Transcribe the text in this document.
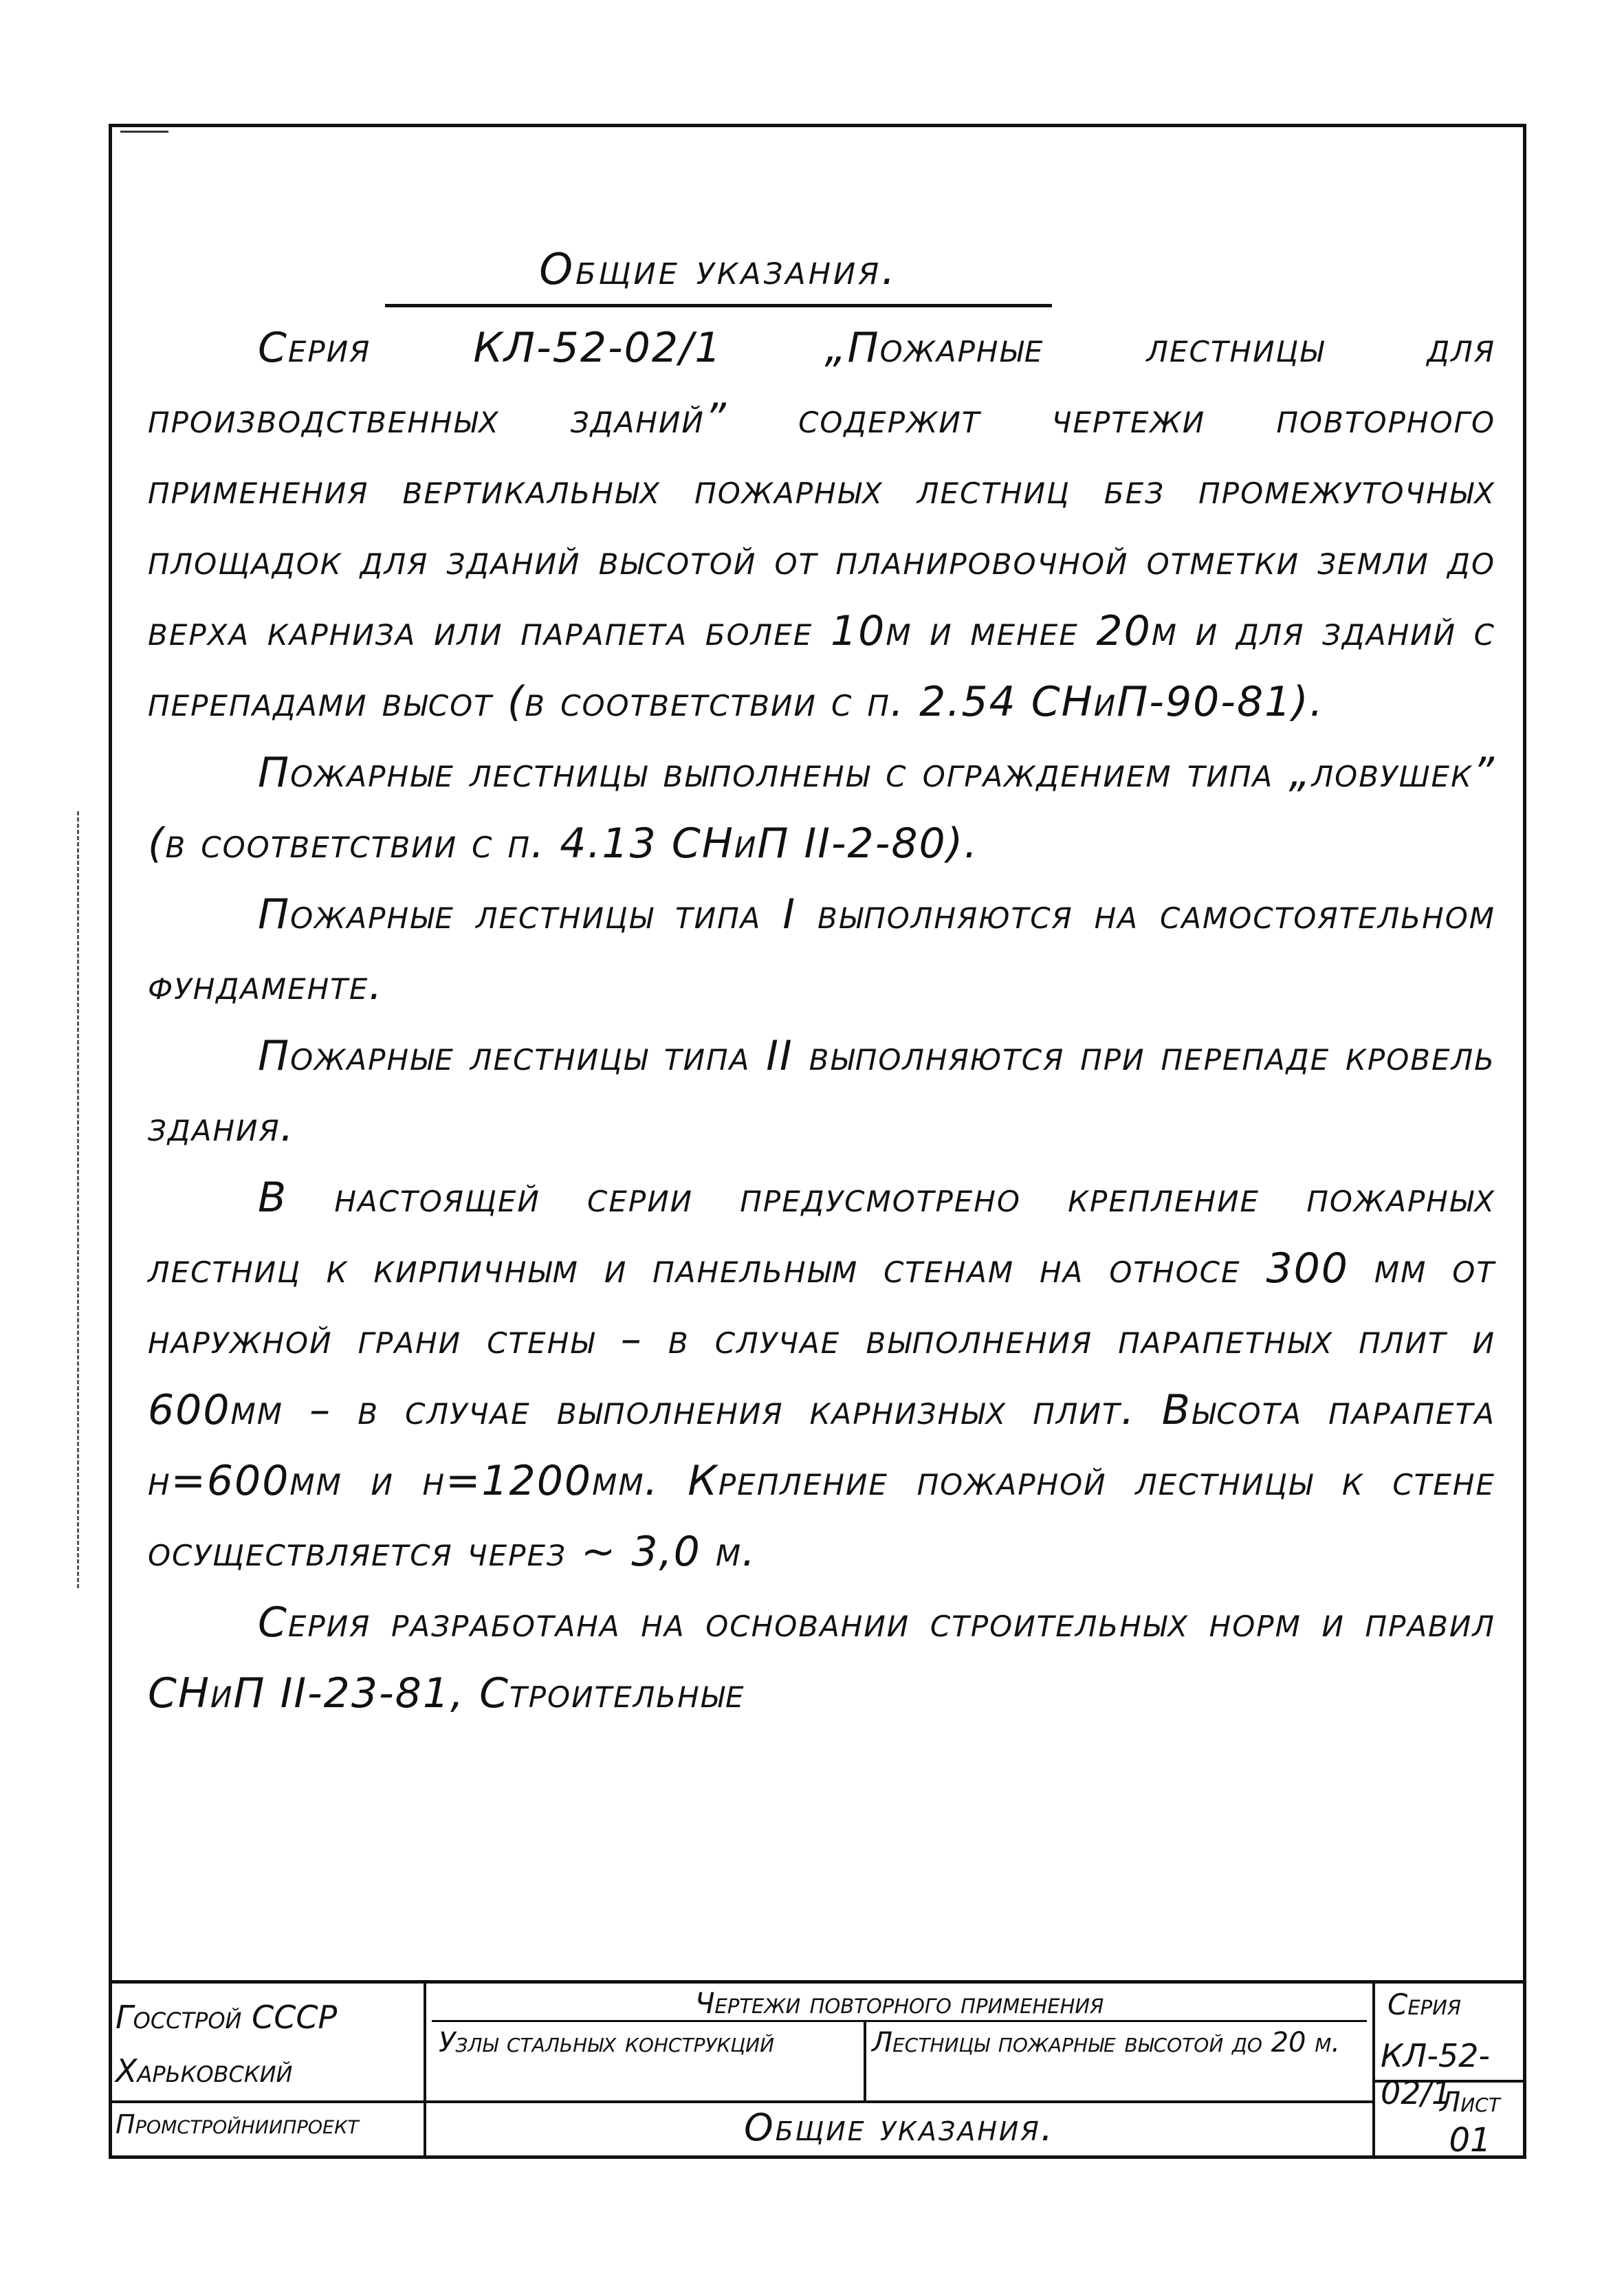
Общие указания.

Серия КЛ-52-02/1 „Пожарные лестницы для производственных зданий” содержит чертежи повторного применения вертикальных пожарных лестниц без промежуточных площадок для зданий высотой от планировочной отметки земли до верха карниза или парапета более 10м и менее 20м и для зданий с перепадами высот (в соответствии с п. 2.54 СНиП-90-81).

Пожарные лестницы выполнены с ограждением типа „ловушек” (в соответствии с п. 4.13 СНиП II-2-80).

Пожарные лестницы типа I выполняются на самостоятельном фундаменте.

Пожарные лестницы типа II выполняются при перепаде кровель здания.

В настоящей серии предусмотрено крепление пожарных лестниц к кирпичным и панельным стенам на относе 300 мм от наружной грани стены – в случае выполнения парапетных плит и 600мм – в случае выполнения карнизных плит. Высота парапета h=600мм и h=1200мм. Крепление пожарной лестницы к стене осуществляется через ~ 3,0 м.

Серия разработана на основании строительных норм и правил СНиП II-23-81, Строительные

Госстрой СССР
Харьковский
Промстройниипроект
Чертежи повторного применения
Узлы стальных конструкций	Лестницы пожарные высотой до 20 м.
Серия
КЛ-52-02/1
Лист
01
Общие указания.
